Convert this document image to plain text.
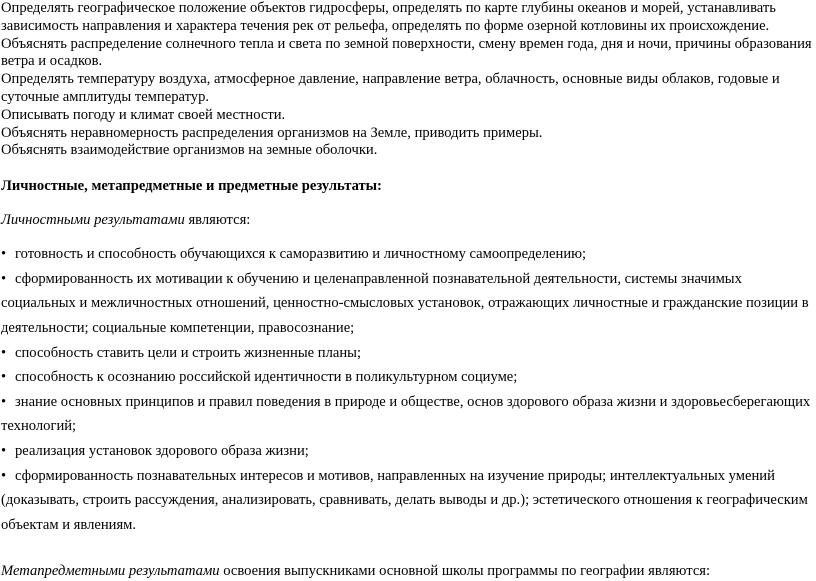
Определять географическое положение объектов гидросферы, определять по карте глубины океанов и морей, устанавливать зависимость направления и характера течения рек от рельефа, определять по форме озерной котловины их происхождение.

Объяснять распределение солнечного тепла и света по земной поверхности, смену времен года, дня и ночи, причины образования ветра и осадков.

Определять температуру воздуха, атмосферное давление, направление ветра, облачность, основные виды облаков, годовые и суточные амплитуды температур.

Описывать погоду и климат своей местности.

Объяснять неравномерность распределения организмов на Земле, приводить примеры.

Объяснять взаимодействие организмов на земные оболочки.

Личностные, метапредметные и предметные результаты:

Личностными результатами являются:

• готовность и способность обучающихся к саморазвитию и личностному самоопределению;
• сформированность их мотивации к обучению и целенаправленной познавательной деятельности, системы значимых социальных и межличностных отношений, ценностно-смысловых установок, отражающих личностные и гражданские позиции в деятельности; социальные компетенции, правосознание;
• способность ставить цели и строить жизненные планы;
• способность к осознанию российской идентичности в поликультурном социуме;
• знание основных принципов и правил поведения в природе и обществе, основ здорового образа жизни и здоровьесберегающих технологий;
• реализация установок здорового образа жизни;
• сформированность познавательных интересов и мотивов, направленных на изучение природы; интеллектуальных умений (доказывать, строить рассуждения, анализировать, сравнивать, делать выводы и др.); эстетического отношения к географическим объектам и явлениям.

Метапредметными результатами освоения выпускниками основной школы программы по географии являются:
